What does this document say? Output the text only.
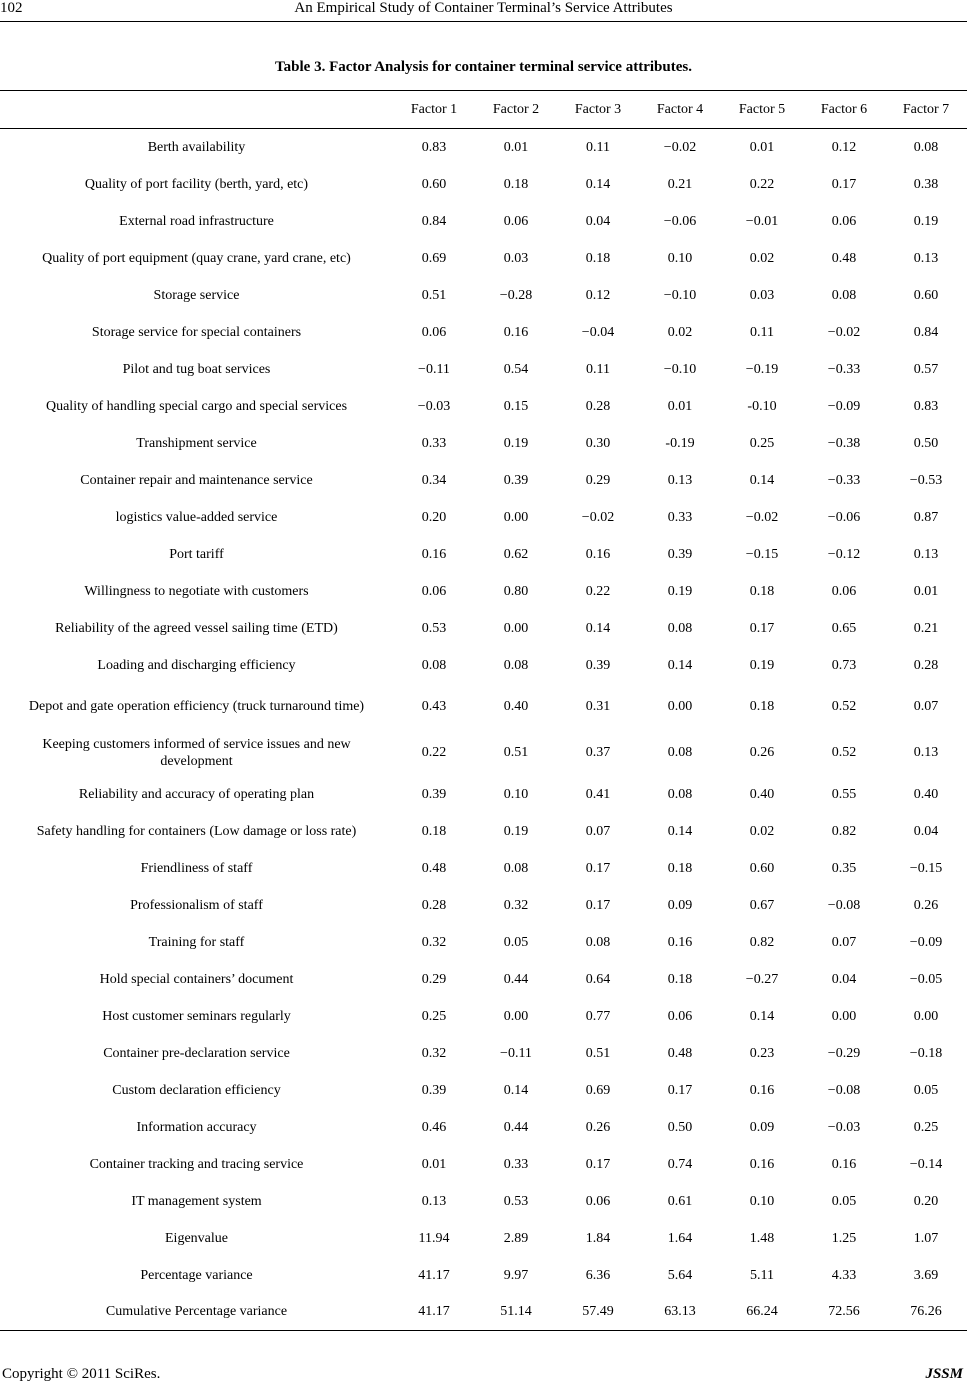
102	An Empirical Study of Container Terminal’s Service Attributes
Table 3. Factor Analysis for container terminal service attributes.
	Factor 1	Factor 2	Factor 3	Factor 4	Factor 5	Factor 6	Factor 7
Berth availability	0.83	0.01	0.11	−0.02	0.01	0.12	0.08
Quality of port facility (berth, yard, etc)	0.60	0.18	0.14	0.21	0.22	0.17	0.38
External road infrastructure	0.84	0.06	0.04	−0.06	−0.01	0.06	0.19
Quality of port equipment (quay crane, yard crane, etc)	0.69	0.03	0.18	0.10	0.02	0.48	0.13
Storage service	0.51	−0.28	0.12	−0.10	0.03	0.08	0.60
Storage service for special containers	0.06	0.16	−0.04	0.02	0.11	−0.02	0.84
Pilot and tug boat services	−0.11	0.54	0.11	−0.10	−0.19	−0.33	0.57
Quality of handling special cargo and special services	−0.03	0.15	0.28	0.01	-0.10	−0.09	0.83
Transhipment service	0.33	0.19	0.30	-0.19	0.25	−0.38	0.50
Container repair and maintenance service	0.34	0.39	0.29	0.13	0.14	−0.33	−0.53
logistics value-added service	0.20	0.00	−0.02	0.33	−0.02	−0.06	0.87
Port tariff	0.16	0.62	0.16	0.39	−0.15	−0.12	0.13
Willingness to negotiate with customers	0.06	0.80	0.22	0.19	0.18	0.06	0.01
Reliability of the agreed vessel sailing time (ETD)	0.53	0.00	0.14	0.08	0.17	0.65	0.21
Loading and discharging efficiency	0.08	0.08	0.39	0.14	0.19	0.73	0.28
Depot and gate operation efficiency (truck turnaround time)	0.43	0.40	0.31	0.00	0.18	0.52	0.07
Keeping customers informed of service issues and new development	0.22	0.51	0.37	0.08	0.26	0.52	0.13
Reliability and accuracy of operating plan	0.39	0.10	0.41	0.08	0.40	0.55	0.40
Safety handling for containers (Low damage or loss rate)	0.18	0.19	0.07	0.14	0.02	0.82	0.04
Friendliness of staff	0.48	0.08	0.17	0.18	0.60	0.35	−0.15
Professionalism of staff	0.28	0.32	0.17	0.09	0.67	−0.08	0.26
Training for staff	0.32	0.05	0.08	0.16	0.82	0.07	−0.09
Hold special containers’ document	0.29	0.44	0.64	0.18	−0.27	0.04	−0.05
Host customer seminars regularly	0.25	0.00	0.77	0.06	0.14	0.00	0.00
Container pre-declaration service	0.32	−0.11	0.51	0.48	0.23	−0.29	−0.18
Custom declaration efficiency	0.39	0.14	0.69	0.17	0.16	−0.08	0.05
Information accuracy	0.46	0.44	0.26	0.50	0.09	−0.03	0.25
Container tracking and tracing service	0.01	0.33	0.17	0.74	0.16	0.16	−0.14
IT management system	0.13	0.53	0.06	0.61	0.10	0.05	0.20
Eigenvalue	11.94	2.89	1.84	1.64	1.48	1.25	1.07
Percentage variance	41.17	9.97	6.36	5.64	5.11	4.33	3.69
Cumulative Percentage variance	41.17	51.14	57.49	63.13	66.24	72.56	76.26
Copyright © 2011 SciRes.	JSSM
